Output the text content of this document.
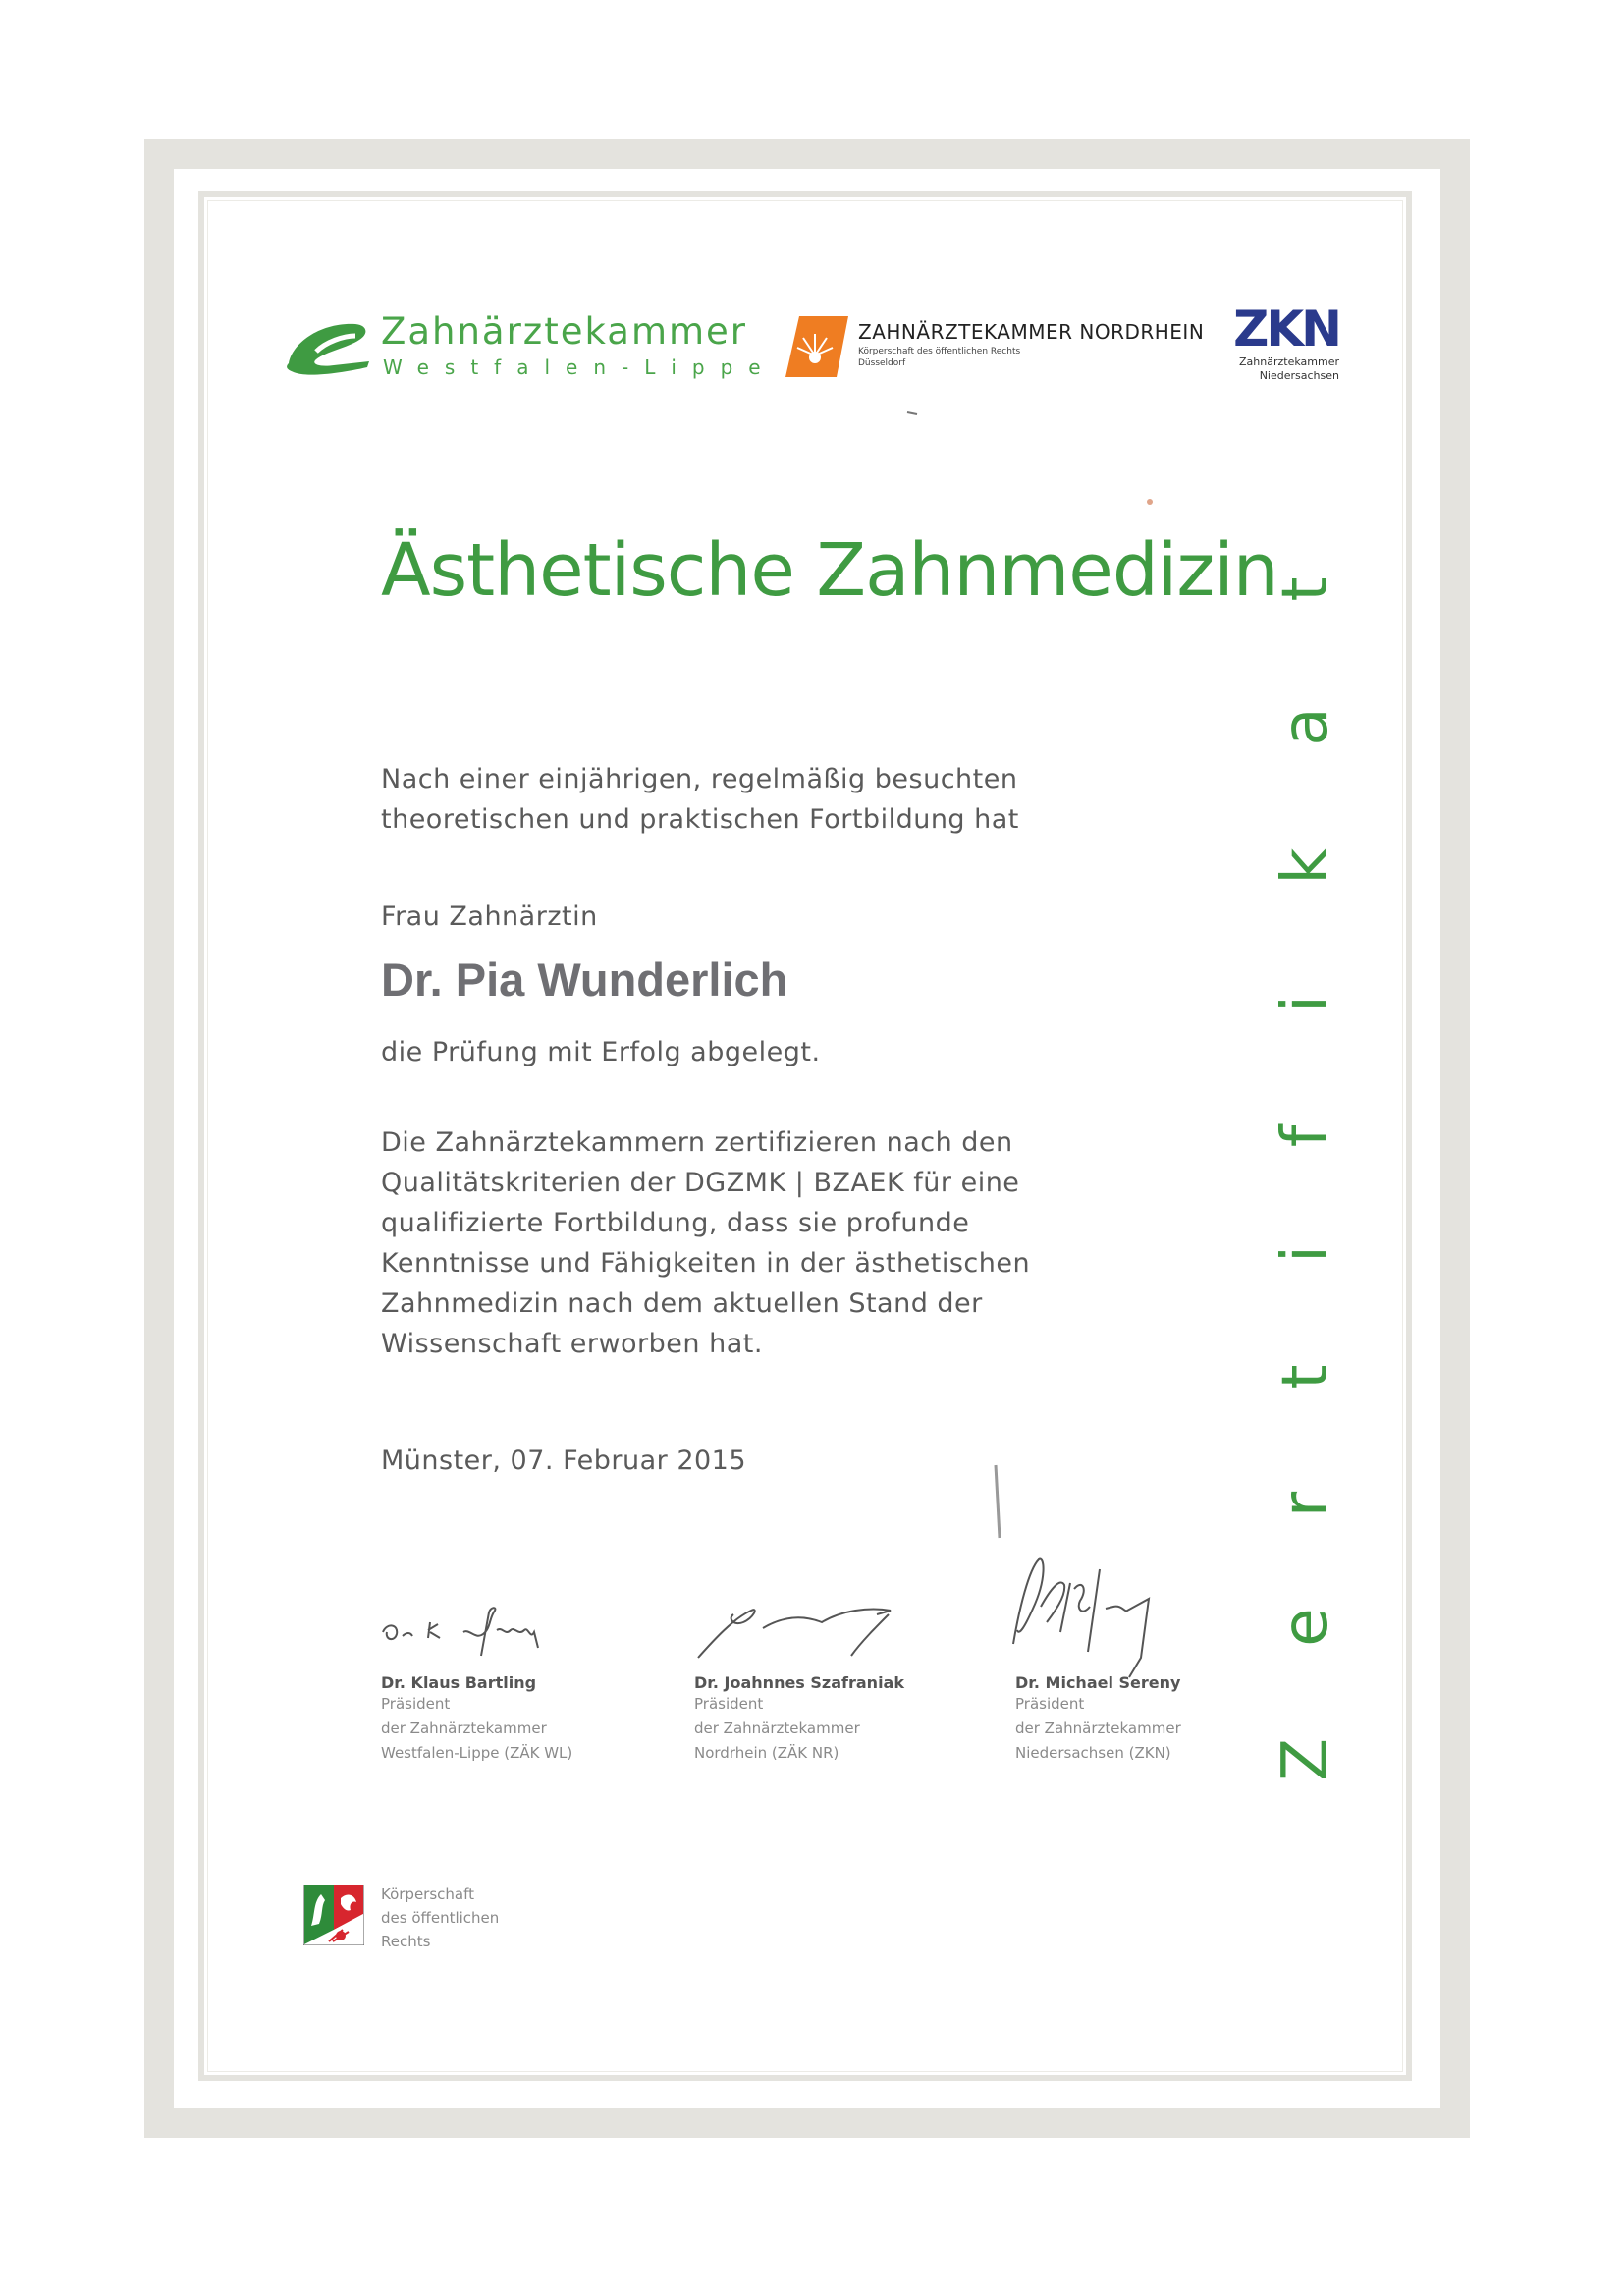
Zahnärztekammer
Westfalen-Lippe
ZAHNÄRZTEKAMMER NORDRHEIN
Körperschaft des öffentlichen Rechts
Düsseldorf
ZKN
Zahnärztekammer
Niedersachsen
Ästhetische Zahnmedizin
Z
e
r
t
i
f
i
k
a
t
Nach einer einjährigen, regelmäßig besuchten
theoretischen und praktischen Fortbildung hat
Frau Zahnärztin
Dr. Pia Wunderlich
die Prüfung mit Erfolg abgelegt.
Die Zahnärztekammern zertifizieren nach den
Qualitätskriterien der DGZMK | BZAEK für eine
qualifizierte Fortbildung, dass sie profunde
Kenntnisse und Fähigkeiten in der ästhetischen
Zahnmedizin nach dem aktuellen Stand der
Wissenschaft erworben hat.
Münster, 07. Februar 2015
Dr. Klaus Bartling
Präsident
der Zahnärztekammer
Westfalen-Lippe (ZÄK WL)
Dr. Joahnnes Szafraniak
Präsident
der Zahnärztekammer
Nordrhein (ZÄK NR)
Dr. Michael Sereny
Präsident
der Zahnärztekammer
Niedersachsen (ZKN)
Körperschaft
des öffentlichen
Rechts
